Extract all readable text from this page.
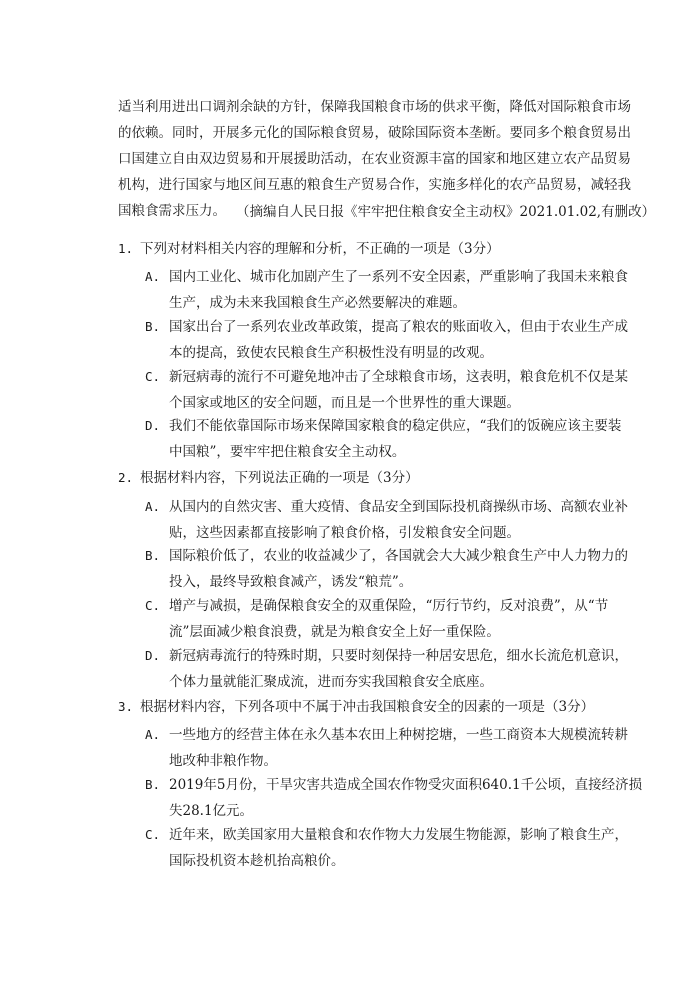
适当利用进出口调剂余缺的方针，保障我国粮食市场的供求平衡，降低对国际粮食市场
的依赖。同时，开展多元化的国际粮食贸易，破除国际资本垄断。要同多个粮食贸易出
口国建立自由双边贸易和开展援助活动，在农业资源丰富的国家和地区建立农产品贸易
机构，进行国家与地区间互惠的粮食生产贸易合作，实施多样化的农产品贸易，减轻我
国粮食需求压力。 （摘编自人民日报《牢牢把住粮食安全主动权》2021.01.02,有删改）
1. 下列对材料相关内容的理解和分析，不正确的一项是（3分）
A. 国内工业化、城市化加剧产生了一系列不安全因素，严重影响了我国未来粮食
生产，成为未来我国粮食生产必然要解决的难题。
B. 国家出台了一系列农业改革政策，提高了粮农的账面收入，但由于农业生产成
本的提高，致使农民粮食生产积极性没有明显的改观。
C. 新冠病毒的流行不可避免地冲击了全球粮食市场，这表明，粮食危机不仅是某
个国家或地区的安全问题，而且是一个世界性的重大课题。
D. 我们不能依靠国际市场来保障国家粮食的稳定供应，“我们的饭碗应该主要装
中国粮”，要牢牢把住粮食安全主动权。
2. 根据材料内容，下列说法正确的一项是（3分）
A. 从国内的自然灾害、重大疫情、食品安全到国际投机商操纵市场、高额农业补
贴，这些因素都直接影响了粮食价格，引发粮食安全问题。
B. 国际粮价低了，农业的收益减少了，各国就会大大减少粮食生产中人力物力的
投入，最终导致粮食减产，诱发“粮荒”。
C. 增产与减损，是确保粮食安全的双重保险，“厉行节约，反对浪费”，从“节
流”层面减少粮食浪费，就是为粮食安全上好一重保险。
D. 新冠病毒流行的特殊时期，只要时刻保持一种居安思危，细水长流危机意识，
个体力量就能汇聚成流，进而夯实我国粮食安全底座。
3. 根据材料内容，下列各项中不属于冲击我国粮食安全的因素的一项是（3分）
A. 一些地方的经营主体在永久基本农田上种树挖塘，一些工商资本大规模流转耕
地改种非粮作物。
B. 2019年5月份，干旱灾害共造成全国农作物受灾面积640.1千公顷，直接经济损
失28.1亿元。
C. 近年来，欧美国家用大量粮食和农作物大力发展生物能源，影响了粮食生产，
国际投机资本趁机抬高粮价。
